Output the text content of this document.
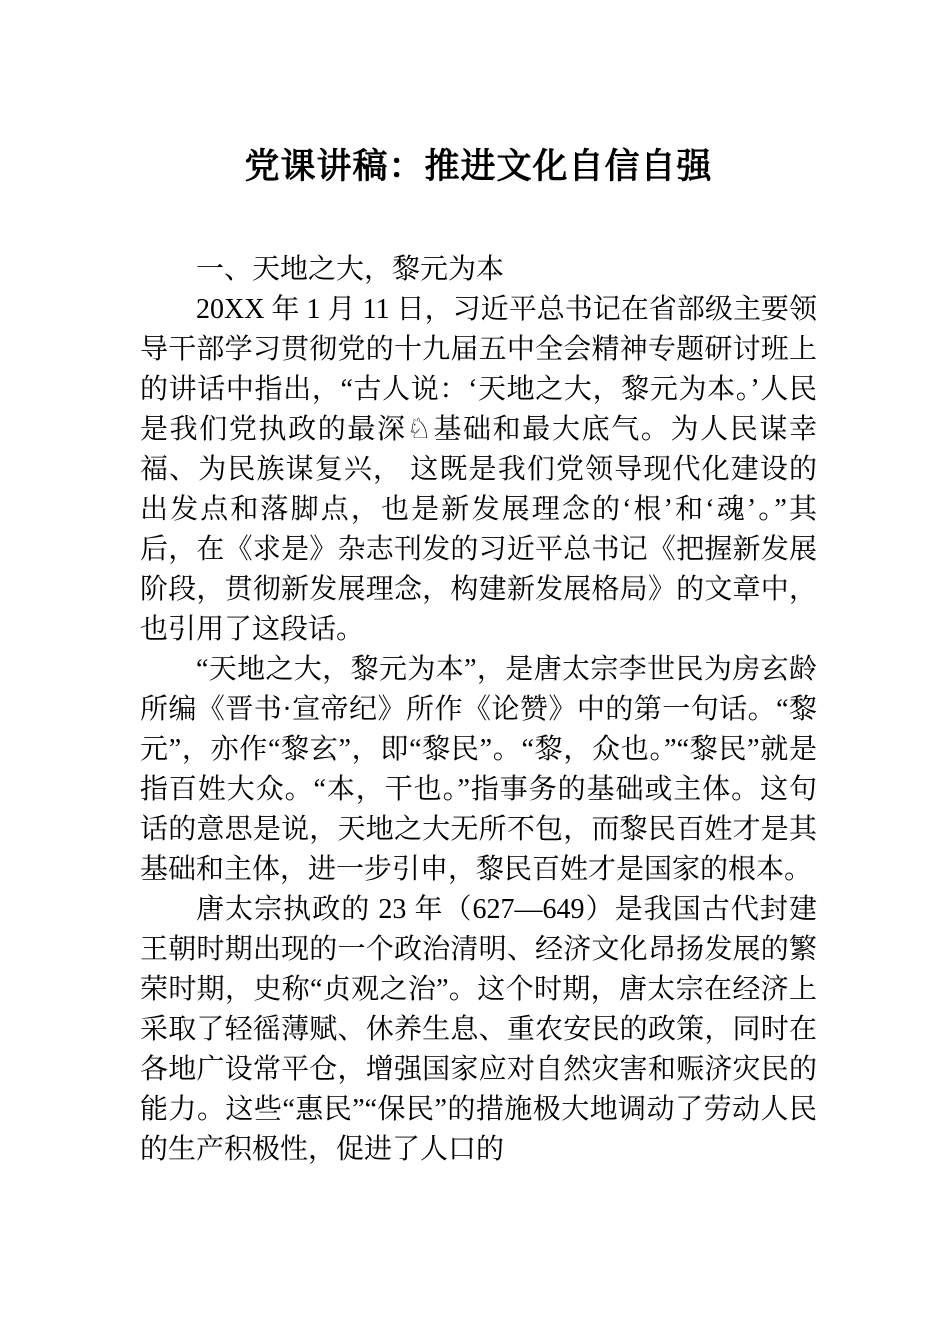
党课讲稿：推进文化自信自强
一、天地之大，黎元为本

20XX 年 1 月 11 日，习近平总书记在省部级主要领导干部学习贯彻党的十九届五中全会精神专题研讨班上的讲话中指出，“古人说：‘天地之大，黎元为本。’人民是我们党执政的最深♘基础和最大底气。为人民谋幸福、为民族谋复兴， 这既是我们党领导现代化建设的出发点和落脚点，也是新发展理念的‘根’和‘魂’。”其后，在《求是》杂志刊发的习近平总书记《把握新发展阶段，贯彻新发展理念，构建新发展格局》的文章中，也引用了这段话。

“天地之大，黎元为本”，是唐太宗李世民为房玄龄所编《晋书·宣帝纪》所作《论赞》中的第一句话。“黎元”，亦作“黎玄”，即“黎民”。“黎，众也。”“黎民”就是指百姓大众。“本，干也。”指事务的基础或主体。这句话的意思是说，天地之大无所不包，而黎民百姓才是其基础和主体，进一步引申，黎民百姓才是国家的根本。

唐太宗执政的 23 年（627—649）是我国古代封建王朝时期出现的一个政治清明、经济文化昂扬发展的繁荣时期，史称“贞观之治”。这个时期，唐太宗在经济上采取了轻徭薄赋、休养生息、重农安民的政策，同时在各地广设常平仓，增强国家应对自然灾害和赈济灾民的能力。这些“惠民”“保民”的措施极大地调动了劳动人民的生产积极性，促进了人口的
